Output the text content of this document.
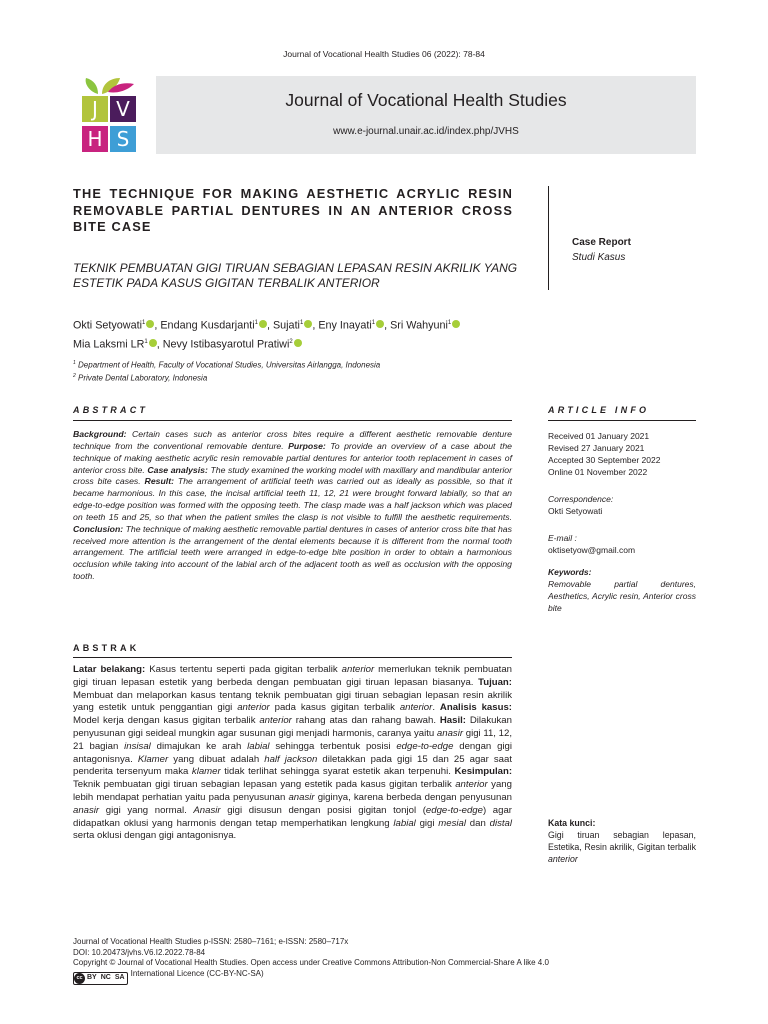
Journal of Vocational Health Studies 06 (2022): 78-84
Journal of Vocational Health Studies
www.e-journal.unair.ac.id/index.php/JVHS
J V
H S
THE TECHNIQUE FOR MAKING AESTHETIC ACRYLIC RESIN REMOVABLE PARTIAL DENTURES IN AN ANTERIOR CROSS BITE CASE
TEKNIK PEMBUATAN GIGI TIRUAN SEBAGIAN LEPASAN RESIN AKRILIK YANG ESTETIK PADA KASUS GIGITAN TERBALIK ANTERIOR
Case Report
Studi Kasus
Okti Setyowati$^1$ , Endang Kusdarjanti$^1$ , Sujati$^1$ , Eny Inayati$^1$ , Sri Wahyuni$^1$
Mia Laksmi $LR^1$ , Nevy Istibasyarotul Pratiwi$^2$
$^1$ Department of Health, Faculty of Vocational Studies, Universitas Airlangga, Indonesia
$^2$ Private Dental Laboratory, Indonesia
ABSTRACT	ARTICLE INFO
Background: Certain cases such as anterior cross bites require a different aesthetic removable denture technique from the conventional removable denture. Purpose: To provide an overview of a case about the technique of making aesthetic acrylic resin removable partial dentures for anterior tooth replacement in cases of anterior cross bite. Case analysis: The study examined the working model with maxillary and mandibular anterior cross bite cases. Result: The arrangement of artificial teeth was carried out as ideally as possible, so that it became harmonious. In this case, the incisal artificial teeth 11, 12, 21 were brought forward labially, so that an edge-to-edge position was formed with the opposing teeth. The clasp made was a half jackson which was placed on teeth 15 and 25, so that when the patient smiles the clasp is not visible to fulfill the aesthetic requirements. Conclusion: The technique of making aesthetic removable partial dentures in cases of anterior cross bite that has received more attention is the arrangement of the dental elements because it is different from the normal tooth arrangement. The artificial teeth were arranged in edge-to-edge bite position in order to obtain a harmonious occlusion while taking into account of the labial arch of the adjacent tooth as well as occlusion with the opposing tooth.
Received 01 January 2021
Revised 27 January 2021
Accepted 30 September 2022
Online 01 November 2022
Correspondence:
Okti Setyowati
E-mail :
oktisetyow@gmail.com
Keywords:
Removable partial dentures, Aesthetics, Acrylic resin, Anterior cross bite
ABSTRAK
Latar belakang: Kasus tertentu seperti pada gigitan terbalik anterior memerlukan teknik pembuatan gigi tiruan lepasan estetik yang berbeda dengan pembuatan gigi tiruan lepasan biasanya. Tujuan: Membuat dan melaporkan kasus tentang teknik pembuatan gigi tiruan sebagian lepasan resin akrilik yang estetik untuk penggantian gigi anterior pada kasus gigitan terbalik anterior. Analisis kasus: Model kerja dengan kasus gigitan terbalik anterior rahang atas dan rahang bawah. Hasil: Dilakukan penyusunan gigi seideal mungkin agar susunan gigi menjadi harmonis, caranya yaitu anasir gigi 11, 12, 21 bagian insisal dimajukan ke arah labial sehingga terbentuk posisi edge-to-edge dengan gigi antagonisnya. Klamer yang dibuat adalah half jackson diletakkan pada gigi 15 dan 25 agar saat penderita tersenyum maka klamer tidak terlihat sehingga syarat estetik akan terpenuhi. Kesimpulan: Teknik pembuatan gigi tiruan sebagian lepasan yang estetik pada kasus gigitan terbalik anterior yang lebih mendapat perhatian yaitu pada penyusunan anasir giginya, karena berbeda dengan penyusunan anasir gigi yang normal. Anasir gigi disusun dengan posisi gigitan tonjol (edge-to-edge) agar didapatkan oklusi yang harmonis dengan tetap memperhatikan lengkung labial gigi mesial dan distal serta oklusi dengan gigi antagonisnya.
Kata kunci:
Gigi tiruan sebagian lepasan, Estetika, Resin akrilik, Gigitan terbalik anterior
Journal of Vocational Health Studies p-ISSN: 2580–7161; e-ISSN: 2580–717x
DOI: 10.20473/jvhs.V6.I2.2022.78-84
Copyright © Journal of Vocational Health Studies. Open access under Creative Commons Attribution-Non Commercial-Share A like 4.0
cc BY NC SA International Licence (CC-BY-NC-SA)
